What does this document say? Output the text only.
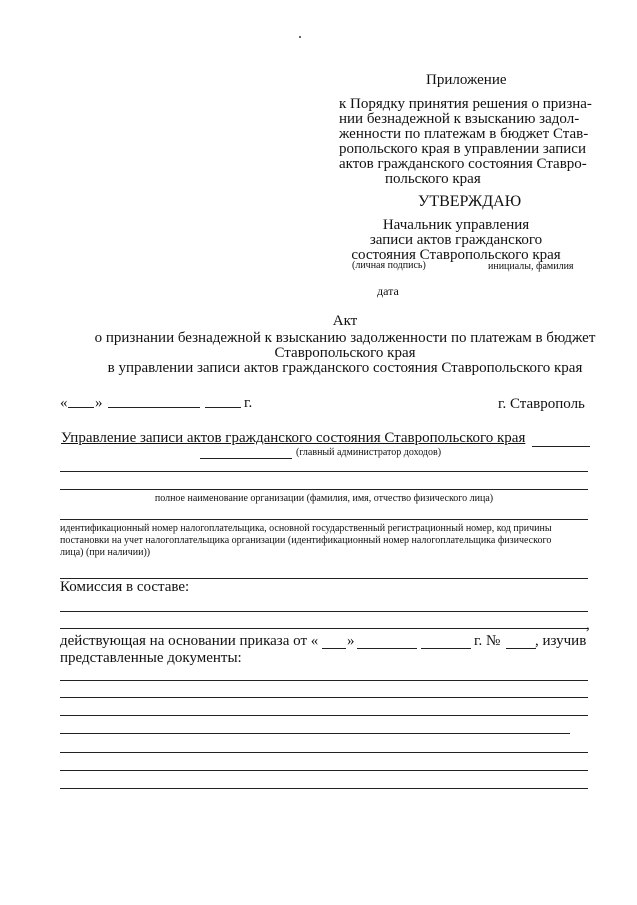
Приложение
к Порядку принятия решения о призна-
нии безнадежной к взысканию задол-
женности по платежам в бюджет Став-
ропольского края в управлении записи
актов гражданского состояния Ставро-
польского края
УТВЕРЖДАЮ
Начальник управления
записи актов гражданского
состояния Ставропольского края
(личная подпись)	инициалы, фамилия
дата
Акт
о признании безнадежной к взысканию задолженности по платежам в бюджет
Ставропольского края
в управлении записи актов гражданского состояния Ставропольского края
« »	г.	г. Ставрополь
Управление записи актов гражданского состояния Ставропольского края
(главный администратор доходов)
полное наименование организации (фамилия, имя, отчество физического лица)
идентификационный номер налогоплательщика, основной государственный регистрационный номер, код причины
постановки на учет налогоплательщика организации (идентификационный номер налогоплательщика физического
лица) (при наличии))
Комиссия в составе:
,
действующая на основании приказа от « »	г. № , изучив
представленные документы:
